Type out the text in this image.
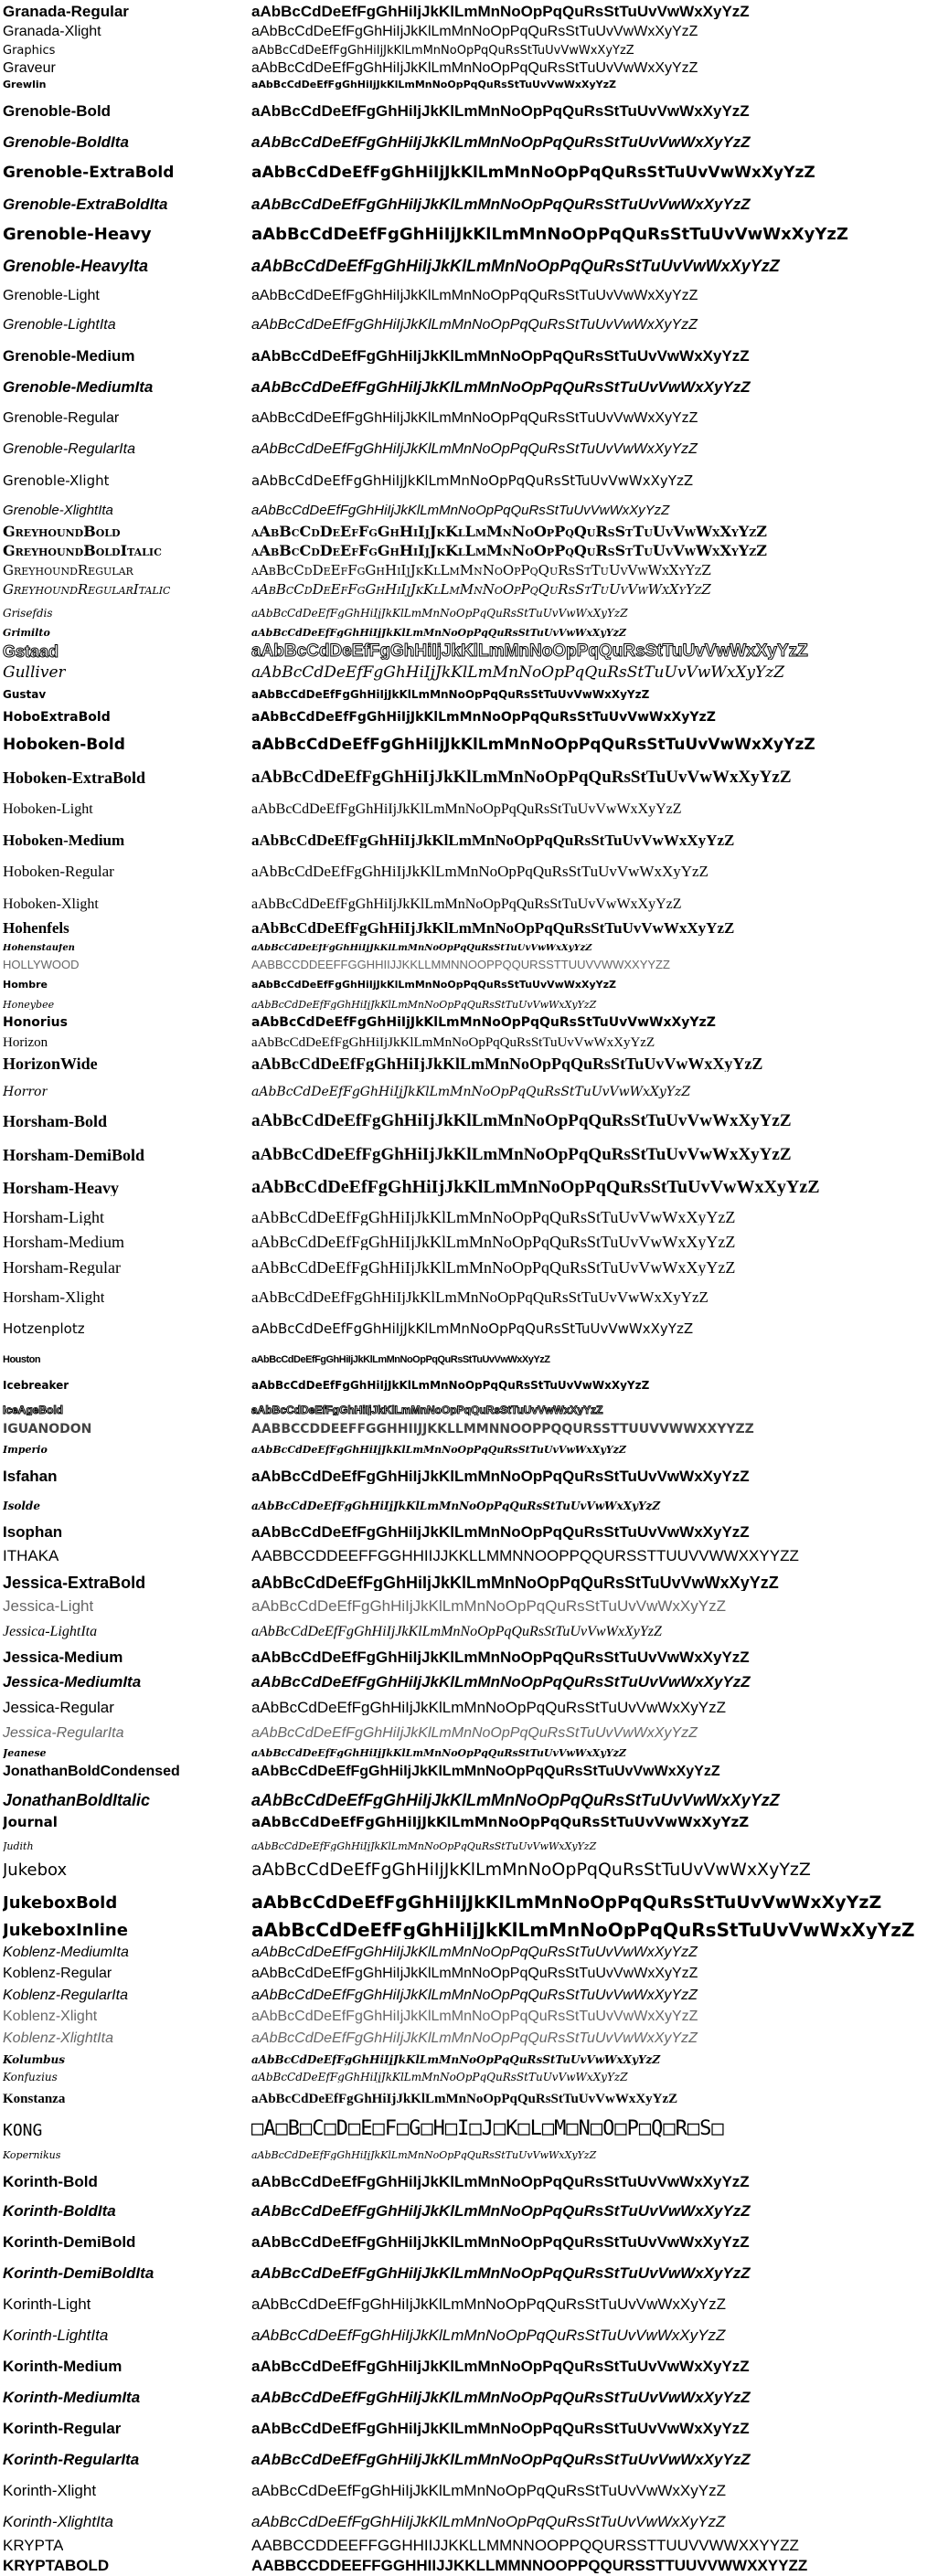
Granada-Regular	aAbBcCdDeEfFgGhHiIjJkKlLmMnNoOpPqQuRsStTuUvVwWxXyYzZ
Granada-Xlight	aAbBcCdDeEfFgGhHiIjJkKlLmMnNoOpPqQuRsStTuUvVwWxXyYzZ
Graphics	aAbBcCdDeEfFgGhHiIjJkKlLmMnNoOpPqQuRsStTuUvVwWxXyYzZ
Graveur	aAbBcCdDeEfFgGhHiIjJkKlLmMnNoOpPqQuRsStTuUvVwWxXyYzZ
Grewlin	aAbBcCdDeEfFgGhHiIjJkKlLmMnNoOpPqQuRsStTuUvVwWxXyYzZ
Grenoble-Bold	aAbBcCdDeEfFgGhHiIjJkKlLmMnNoOpPqQuRsStTuUvVwWxXyYzZ
Grenoble-BoldIta	aAbBcCdDeEfFgGhHiIjJkKlLmMnNoOpPqQuRsStTuUvVwWxXyYzZ
Grenoble-ExtraBold	aAbBcCdDeEfFgGhHiIjJkKlLmMnNoOpPqQuRsStTuUvVwWxXyYzZ
Grenoble-ExtraBoldIta	aAbBcCdDeEfFgGhHiIjJkKlLmMnNoOpPqQuRsStTuUvVwWxXyYzZ
Grenoble-Heavy	aAbBcCdDeEfFgGhHiIjJkKlLmMnNoOpPqQuRsStTuUvVwWxXyYzZ
Grenoble-HeavyIta	aAbBcCdDeEfFgGhHiIjJkKlLmMnNoOpPqQuRsStTuUvVwWxXyYzZ
Grenoble-Light	aAbBcCdDeEfFgGhHiIjJkKlLmMnNoOpPqQuRsStTuUvVwWxXyYzZ
Grenoble-LightIta	aAbBcCdDeEfFgGhHiIjJkKlLmMnNoOpPqQuRsStTuUvVwWxXyYzZ
Grenoble-Medium	aAbBcCdDeEfFgGhHiIjJkKlLmMnNoOpPqQuRsStTuUvVwWxXyYzZ
Grenoble-MediumIta	aAbBcCdDeEfFgGhHiIjJkKlLmMnNoOpPqQuRsStTuUvVwWxXyYzZ
Grenoble-Regular	aAbBcCdDeEfFgGhHiIjJkKlLmMnNoOpPqQuRsStTuUvVwWxXyYzZ
Grenoble-RegularIta	aAbBcCdDeEfFgGhHiIjJkKlLmMnNoOpPqQuRsStTuUvVwWxXyYzZ
Grenoble-Xlight	aAbBcCdDeEfFgGhHiIjJkKlLmMnNoOpPqQuRsStTuUvVwWxXyYzZ
Grenoble-XlightIta	aAbBcCdDeEfFgGhHiIjJkKlLmMnNoOpPqQuRsStTuUvVwWxXyYzZ
GreyhoundBold	aAbBcCdDeEfFgGhHiIjJkKlLmMnNoOpPqQuRsStTuUvVwWxXyYzZ
GreyhoundBoldItalic	aAbBcCdDeEfFgGhHiIjJkKlLmMnNoOpPqQuRsStTuUvVwWxXyYzZ
GreyhoundRegular	aAbBcCdDeEfFgGhHiIjJkKlLmMnNoOpPqQuRsStTuUvVwWxXyYzZ
GreyhoundRegularItalic	aAbBcCdDeEfFgGhHiIjJkKlLmMnNoOpPqQuRsStTuUvVwWxXyYzZ
Grisefdis	aAbBcCdDeEfFgGhHiIjJkKlLmMnNoOpPqQuRsStTuUvVwWxXyYzZ
Grimilto	aAbBcCdDeEfFgGhHiIjJkKlLmMnNoOpPqQuRsStTuUvVwWxXyYzZ
Gstaad	aAbBcCdDeEfFgGhHiIjJkKlLmMnNoOpPqQuRsStTuUvVwWxXyYzZ
Gulliver	aAbBcCdDeEfFgGhHiIjJkKlLmMnNoOpPqQuRsStTuUvVwWxXyYzZ
Gustav	aAbBcCdDeEfFgGhHiIjJkKlLmMnNoOpPqQuRsStTuUvVwWxXyYzZ
HoboExtraBold	aAbBcCdDeEfFgGhHiIjJkKlLmMnNoOpPqQuRsStTuUvVwWxXyYzZ
Hoboken-Bold	aAbBcCdDeEfFgGhHiIjJkKlLmMnNoOpPqQuRsStTuUvVwWxXyYzZ
Hoboken-ExtraBold	aAbBcCdDeEfFgGhHiIjJkKlLmMnNoOpPqQuRsStTuUvVwWxXyYzZ
Hoboken-Light	aAbBcCdDeEfFgGhHiIjJkKlLmMnNoOpPqQuRsStTuUvVwWxXyYzZ
Hoboken-Medium	aAbBcCdDeEfFgGhHiIjJkKlLmMnNoOpPqQuRsStTuUvVwWxXyYzZ
Hoboken-Regular	aAbBcCdDeEfFgGhHiIjJkKlLmMnNoOpPqQuRsStTuUvVwWxXyYzZ
Hoboken-Xlight	aAbBcCdDeEfFgGhHiIjJkKlLmMnNoOpPqQuRsStTuUvVwWxXyYzZ
Hohenfels	aAbBcCdDeEfFgGhHiIjJkKlLmMnNoOpPqQuRsStTuUvVwWxXyYzZ
Hohenstaufen	aAbBcCdDeEfFgGhHiIjJkKlLmMnNoOpPqQuRsStTuUvVwWxXyYzZ
HOLLYWOOD	AABBCCDDEEFFGGHHIIJJKKLLMMNNOOPPQQURSSTTUUVVWWXXYYZZ
Hombre	aAbBcCdDeEfFgGhHiIjJkKlLmMnNoOpPqQuRsStTuUvVwWxXyYzZ
Honeybee	aAbBcCdDeEfFgGhHiIjJkKlLmMnNoOpPqQuRsStTuUvVwWxXyYzZ
Honorius	aAbBcCdDeEfFgGhHiIjJkKlLmMnNoOpPqQuRsStTuUvVwWxXyYzZ
Horizon	aAbBcCdDeEfFgGhHiIjJkKlLmMnNoOpPqQuRsStTuUvVwWxXyYzZ
HorizonWide	aAbBcCdDeEfFgGhHiIjJkKlLmMnNoOpPqQuRsStTuUvVwWxXyYzZ
Horror	aAbBcCdDeEfFgGhHiIjJkKlLmMnNoOpPqQuRsStTuUvVwWxXyYzZ
Horsham-Bold	aAbBcCdDeEfFgGhHiIjJkKlLmMnNoOpPqQuRsStTuUvVwWxXyYzZ
Horsham-DemiBold	aAbBcCdDeEfFgGhHiIjJkKlLmMnNoOpPqQuRsStTuUvVwWxXyYzZ
Horsham-Heavy	aAbBcCdDeEfFgGhHiIjJkKlLmMnNoOpPqQuRsStTuUvVwWxXyYzZ
Horsham-Light	aAbBcCdDeEfFgGhHiIjJkKlLmMnNoOpPqQuRsStTuUvVwWxXyYzZ
Horsham-Medium	aAbBcCdDeEfFgGhHiIjJkKlLmMnNoOpPqQuRsStTuUvVwWxXyYzZ
Horsham-Regular	aAbBcCdDeEfFgGhHiIjJkKlLmMnNoOpPqQuRsStTuUvVwWxXyYzZ
Horsham-Xlight	aAbBcCdDeEfFgGhHiIjJkKlLmMnNoOpPqQuRsStTuUvVwWxXyYzZ
Hotzenplotz	aAbBcCdDeEfFgGhHiIjJkKlLmMnNoOpPqQuRsStTuUvVwWxXyYzZ
Houston	aAbBcCdDeEfFgGhHiIjJkKlLmMnNoOpPqQuRsStTuUvVwWxXyYzZ
Icebreaker	aAbBcCdDeEfFgGhHiIjJkKlLmMnNoOpPqQuRsStTuUvVwWxXyYzZ
IceAgeBold	aAbBcCdDeEfFgGhHiIjJkKlLmMnNoOpPqQuRsStTuUvVwWxXyYzZ
IGUANODON	AABBCCDDEEFFGGHHIIJJKKLLMMNNOOPPQQURSSTTUUVVWWXXYYZZ
Imperio	aAbBcCdDeEfFgGhHiIjJkKlLmMnNoOpPqQuRsStTuUvVwWxXyYzZ
Isfahan	aAbBcCdDeEfFgGhHiIjJkKlLmMnNoOpPqQuRsStTuUvVwWxXyYzZ
Isolde	aAbBcCdDeEfFgGhHiIjJkKlLmMnNoOpPqQuRsStTuUvVwWxXyYzZ
Isophan	aAbBcCdDeEfFgGhHiIjJkKlLmMnNoOpPqQuRsStTuUvVwWxXyYzZ
ITHAKA	AABBCCDDEEFFGGHHIIJJKKLLMMNNOOPPQQURSSTTUUVVWWXXYYZZ
Jessica-ExtraBold	aAbBcCdDeEfFgGhHiIjJkKlLmMnNoOpPqQuRsStTuUvVwWxXyYzZ
Jessica-Light	aAbBcCdDeEfFgGhHiIjJkKlLmMnNoOpPqQuRsStTuUvVwWxXyYzZ
Jessica-LightIta	aAbBcCdDeEfFgGhHiIjJkKlLmMnNoOpPqQuRsStTuUvVwWxXyYzZ
Jessica-Medium	aAbBcCdDeEfFgGhHiIjJkKlLmMnNoOpPqQuRsStTuUvVwWxXyYzZ
Jessica-MediumIta	aAbBcCdDeEfFgGhHiIjJkKlLmMnNoOpPqQuRsStTuUvVwWxXyYzZ
Jessica-Regular	aAbBcCdDeEfFgGhHiIjJkKlLmMnNoOpPqQuRsStTuUvVwWxXyYzZ
Jessica-RegularIta	aAbBcCdDeEfFgGhHiIjJkKlLmMnNoOpPqQuRsStTuUvVwWxXyYzZ
Jeanese	aAbBcCdDeEfFgGhHiIjJkKlLmMnNoOpPqQuRsStTuUvVwWxXyYzZ
JonathanBoldCondensed	aAbBcCdDeEfFgGhHiIjJkKlLmMnNoOpPqQuRsStTuUvVwWxXyYzZ
JonathanBoldItalic	aAbBcCdDeEfFgGhHiIjJkKlLmMnNoOpPqQuRsStTuUvVwWxXyYzZ
Journal	aAbBcCdDeEfFgGhHiIjJkKlLmMnNoOpPqQuRsStTuUvVwWxXyYzZ
Judith	aAbBcCdDeEfFgGhHiIjJkKlLmMnNoOpPqQuRsStTuUvVwWxXyYzZ
Jukebox	aAbBcCdDeEfFgGhHiIjJkKlLmMnNoOpPqQuRsStTuUvVwWxXyYzZ
JukeboxBold	aAbBcCdDeEfFgGhHiIjJkKlLmMnNoOpPqQuRsStTuUvVwWxXyYzZ
JukeboxInline	aAbBcCdDeEfFgGhHiIjJkKlLmMnNoOpPqQuRsStTuUvVwWxXyYzZ
Koblenz-MediumIta	aAbBcCdDeEfFgGhHiIjJkKlLmMnNoOpPqQuRsStTuUvVwWxXyYzZ
Koblenz-Regular	aAbBcCdDeEfFgGhHiIjJkKlLmMnNoOpPqQuRsStTuUvVwWxXyYzZ
Koblenz-RegularIta	aAbBcCdDeEfFgGhHiIjJkKlLmMnNoOpPqQuRsStTuUvVwWxXyYzZ
Koblenz-Xlight	aAbBcCdDeEfFgGhHiIjJkKlLmMnNoOpPqQuRsStTuUvVwWxXyYzZ
Koblenz-XlightIta	aAbBcCdDeEfFgGhHiIjJkKlLmMnNoOpPqQuRsStTuUvVwWxXyYzZ
Kolumbus	aAbBcCdDeEfFgGhHiIjJkKlLmMnNoOpPqQuRsStTuUvVwWxXyYzZ
Konfuzius	aAbBcCdDeEfFgGhHiIjJkKlLmMnNoOpPqQuRsStTuUvVwWxXyYzZ
Konstanza	aAbBcCdDeEfFgGhHiIjJkKlLmMnNoOpPqQuRsStTuUvVwWxXyYzZ
KONG	□A□B□C□D□E□F□G□H□I□J□K□L□M□N□O□P□Q□R□S□
Kopernikus	aAbBcCdDeEfFgGhHiIjJkKlLmMnNoOpPqQuRsStTuUvVwWxXyYzZ
Korinth-Bold	aAbBcCdDeEfFgGhHiIjJkKlLmMnNoOpPqQuRsStTuUvVwWxXyYzZ
Korinth-BoldIta	aAbBcCdDeEfFgGhHiIjJkKlLmMnNoOpPqQuRsStTuUvVwWxXyYzZ
Korinth-DemiBold	aAbBcCdDeEfFgGhHiIjJkKlLmMnNoOpPqQuRsStTuUvVwWxXyYzZ
Korinth-DemiBoldIta	aAbBcCdDeEfFgGhHiIjJkKlLmMnNoOpPqQuRsStTuUvVwWxXyYzZ
Korinth-Light	aAbBcCdDeEfFgGhHiIjJkKlLmMnNoOpPqQuRsStTuUvVwWxXyYzZ
Korinth-LightIta	aAbBcCdDeEfFgGhHiIjJkKlLmMnNoOpPqQuRsStTuUvVwWxXyYzZ
Korinth-Medium	aAbBcCdDeEfFgGhHiIjJkKlLmMnNoOpPqQuRsStTuUvVwWxXyYzZ
Korinth-MediumIta	aAbBcCdDeEfFgGhHiIjJkKlLmMnNoOpPqQuRsStTuUvVwWxXyYzZ
Korinth-Regular	aAbBcCdDeEfFgGhHiIjJkKlLmMnNoOpPqQuRsStTuUvVwWxXyYzZ
Korinth-RegularIta	aAbBcCdDeEfFgGhHiIjJkKlLmMnNoOpPqQuRsStTuUvVwWxXyYzZ
Korinth-Xlight	aAbBcCdDeEfFgGhHiIjJkKlLmMnNoOpPqQuRsStTuUvVwWxXyYzZ
Korinth-XlightIta	aAbBcCdDeEfFgGhHiIjJkKlLmMnNoOpPqQuRsStTuUvVwWxXyYzZ
KRYPTA	AABBCCDDEEFFGGHHIIJJKKLLMMNNOOPPQQURSSTTUUVVWWXXYYZZ
KRYPTABOLD	AABBCCDDEEFFGGHHIIJJKKLLMMNNOOPPQQURSSTTUUVVWWXXYYZZ
